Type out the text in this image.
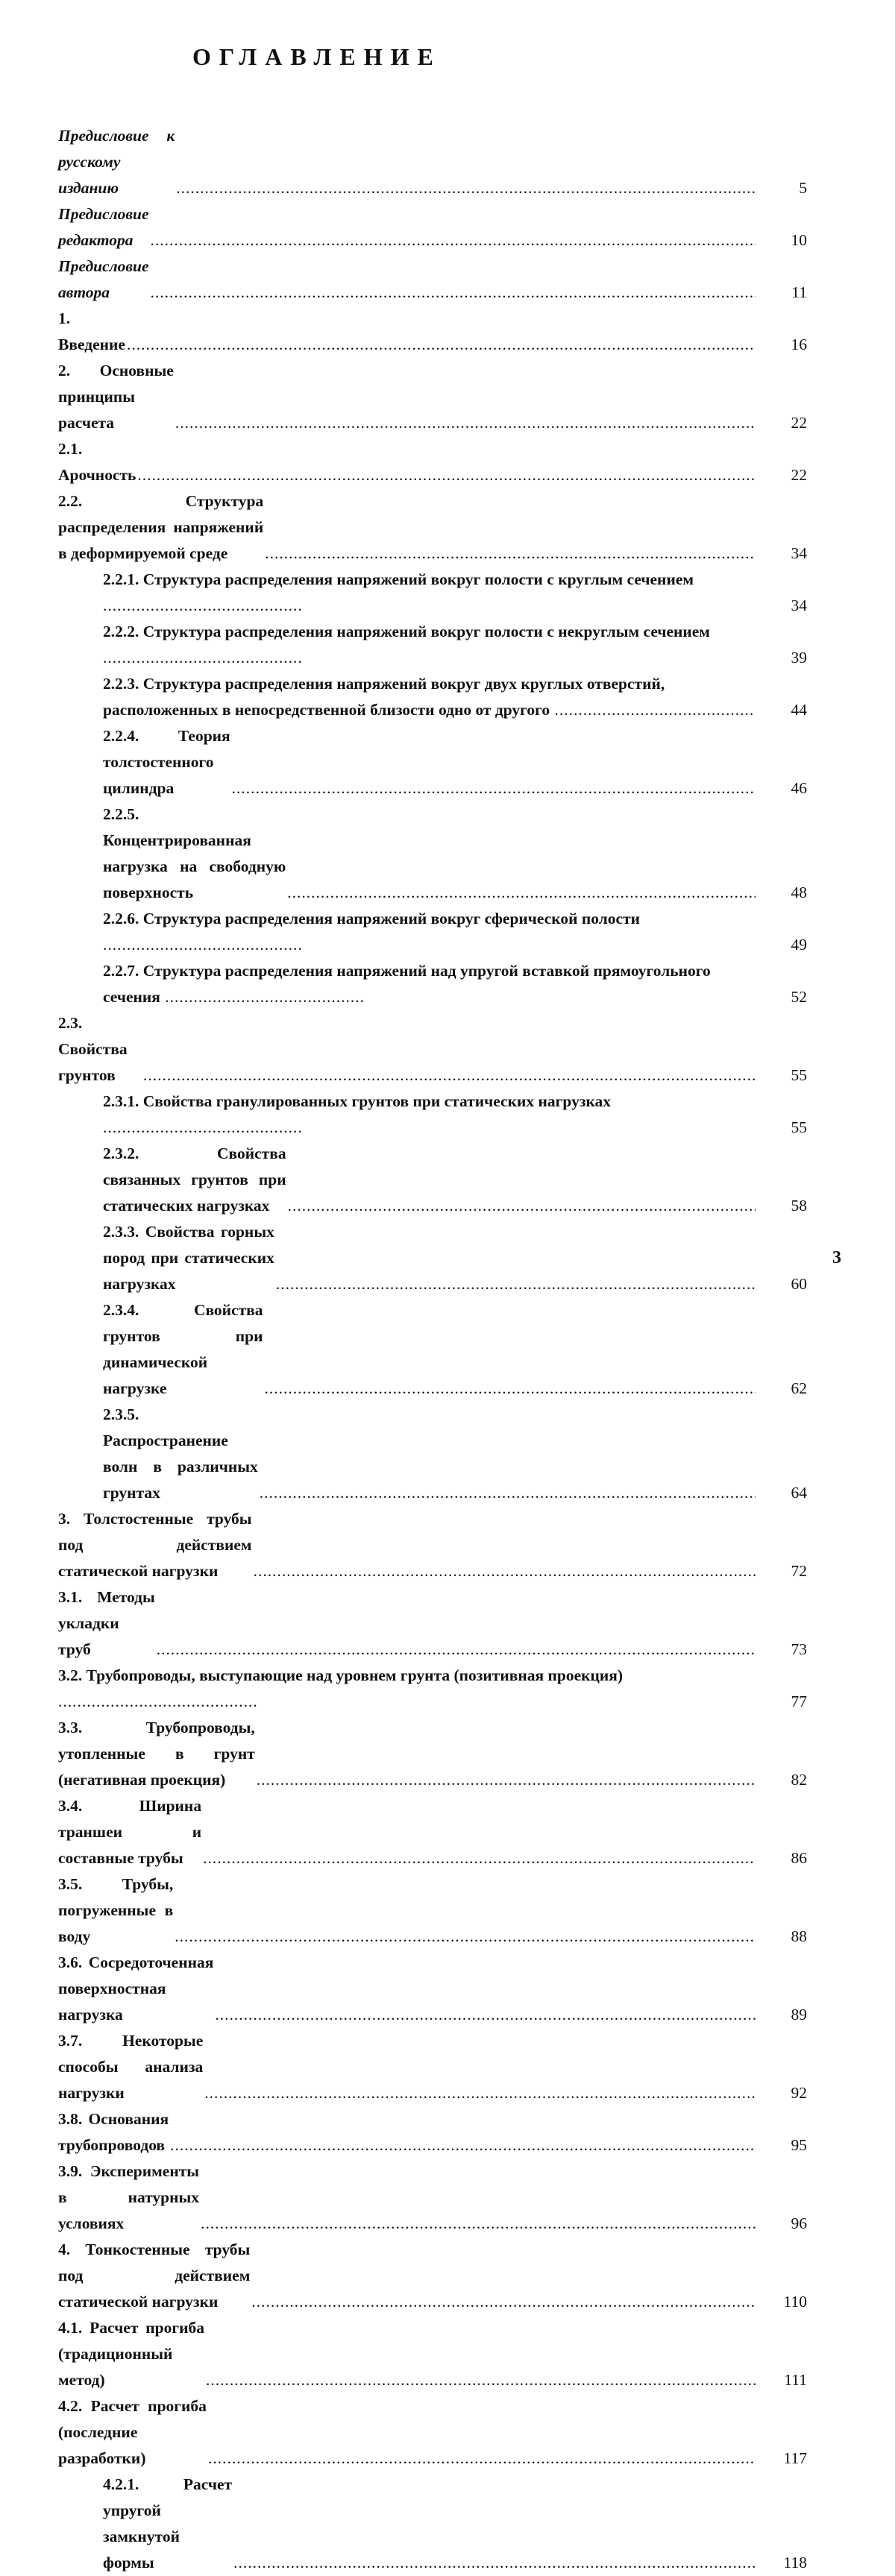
ОГЛАВЛЕНИЕ
Предисловие к русскому изданию .....	5
Предисловие редактора .....	10
Предисловие автора .....	11
1. Введение .....	16
2. Основные принципы расчета .....	22
2.1. Арочность .....	22
2.2. Структура распределения напряжений в деформируемой среде .....	34
2.2.1. Структура распределения напряжений вокруг полости с круглым сечением ..........................................	34
2.2.2. Структура распределения напряжений вокруг полости с некруглым сечением ..........................................	39
2.2.3. Структура распределения напряжений вокруг двух круглых отверстий, расположенных в непосредственной близости одно от другого ..........................................	44
2.2.4. Теория толстостенного цилиндра .....	46
2.2.5. Концентрированная нагрузка на свободную поверхность .....	48
2.2.6. Структура распределения напряжений вокруг сферической полости ..........................................	49
2.2.7. Структура распределения напряжений над упругой вставкой прямоугольного сечения ..........................................	52
2.3. Свойства грунтов .....	55
2.3.1. Свойства гранулированных грунтов при статических нагрузках ..........................................	55
2.3.2. Свойства связанных грунтов при статических нагрузках .....	58
2.3.3. Свойства горных пород при статических нагрузках .....	60
2.3.4. Свойства грунтов при динамической нагрузке .....	62
2.3.5. Распространение волн в различных грунтах .....	64
3. Толстостенные трубы под действием статической нагрузки .....	72
3.1. Методы укладки труб .....	73
3.2. Трубопроводы, выступающие над уровнем грунта (позитивная проекция) ..........................................	77
3.3. Трубопроводы, утопленные в грунт (негативная проекция) .....	82
3.4. Ширина траншеи и составные трубы .....	86
3.5. Трубы, погруженные в воду .....	88
3.6. Сосредоточенная поверхностная нагрузка .....	89
3.7. Некоторые способы анализа нагрузки .....	92
3.8. Основания трубопроводов .....	95
3.9. Эксперименты в натурных условиях .....	96
4. Тонкостенные трубы под действием статической нагрузки .....	110
4.1. Расчет прогиба (традиционный метод) .....	111
4.2. Расчет прогиба (последние разработки) .....	117
4.2.1. Расчет упругой замкнутой формы .....	118
3
